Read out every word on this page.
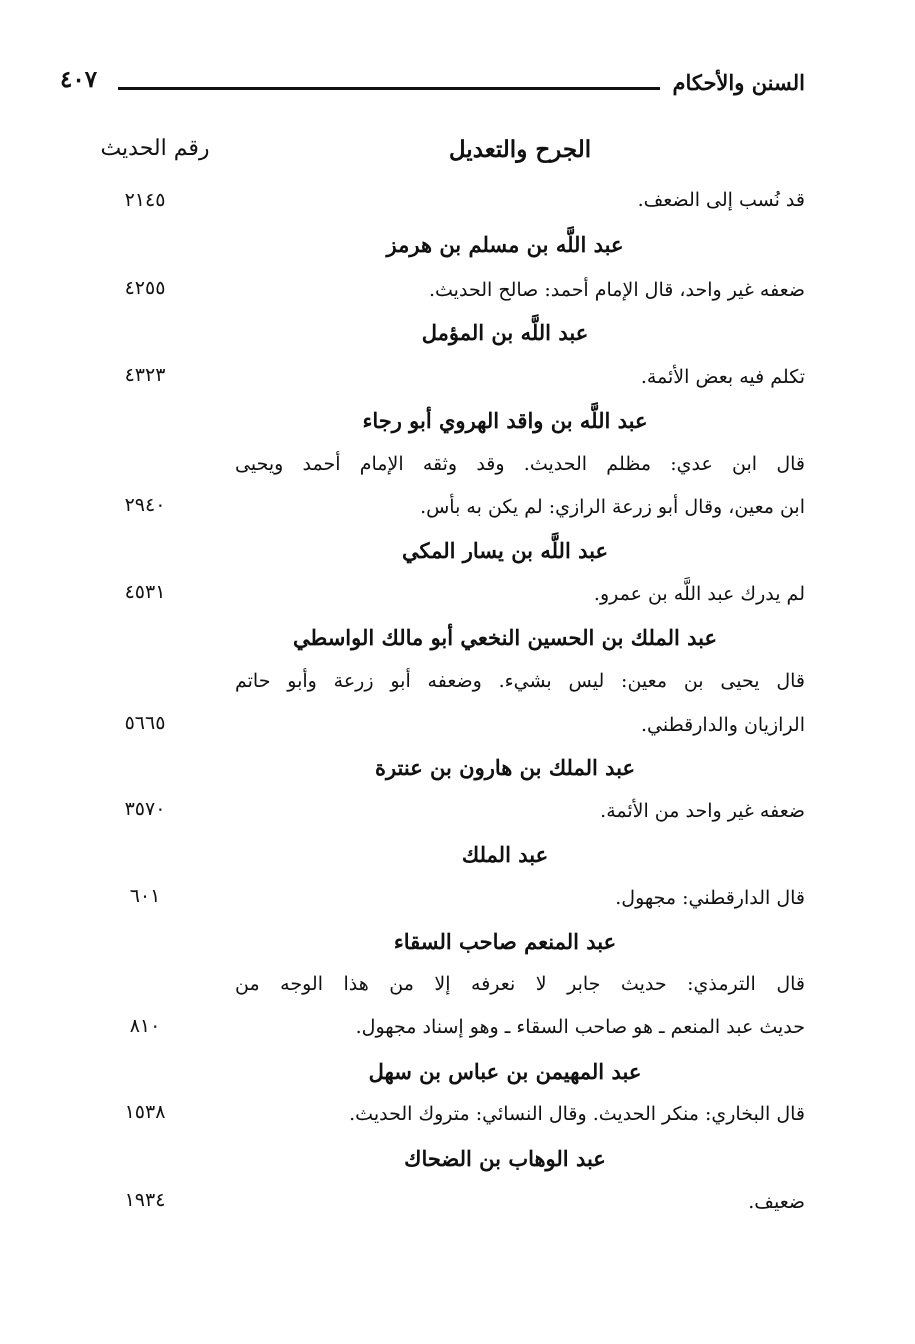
السنن والأحكام
٤٠٧
الجرح والتعديل
رقم الحديث
قد نُسب إلى الضعف.
٢١٤٥
عبد اللَّه بن مسلم بن هرمز
ضعفه غير واحد، قال الإمام أحمد: صالح الحديث.
٤٢٥٥
عبد اللَّه بن المؤمل
تكلم فيه بعض الأئمة.
٤٣٢٣
عبد اللَّه بن واقد الهروي أبو رجاء
قال ابن عدي: مظلم الحديث. وقد وثقه الإمام أحمد ويحيى
ابن معين، وقال أبو زرعة الرازي: لم يكن به بأس.
٢٩٤٠
عبد اللَّه بن يسار المكي
لم يدرك عبد اللَّه بن عمرو.
٤٥٣١
عبد الملك بن الحسين النخعي أبو مالك الواسطي
قال يحيى بن معين: ليس بشيء. وضعفه أبو زرعة وأبو حاتم
الرازيان والدارقطني.
٥٦٦٥
عبد الملك بن هارون بن عنترة
ضعفه غير واحد من الأئمة.
٣٥٧٠
عبد الملك
قال الدارقطني: مجهول.
٦٠١
عبد المنعم صاحب السقاء
قال الترمذي: حديث جابر لا نعرفه إلا من هذا الوجه من
حديث عبد المنعم ـ هو صاحب السقاء ـ وهو إسناد مجهول.
٨١٠
عبد المهيمن بن عباس بن سهل
قال البخاري: منكر الحديث. وقال النسائي: متروك الحديث.
١٥٣٨
عبد الوهاب بن الضحاك
ضعيف.
١٩٣٤
